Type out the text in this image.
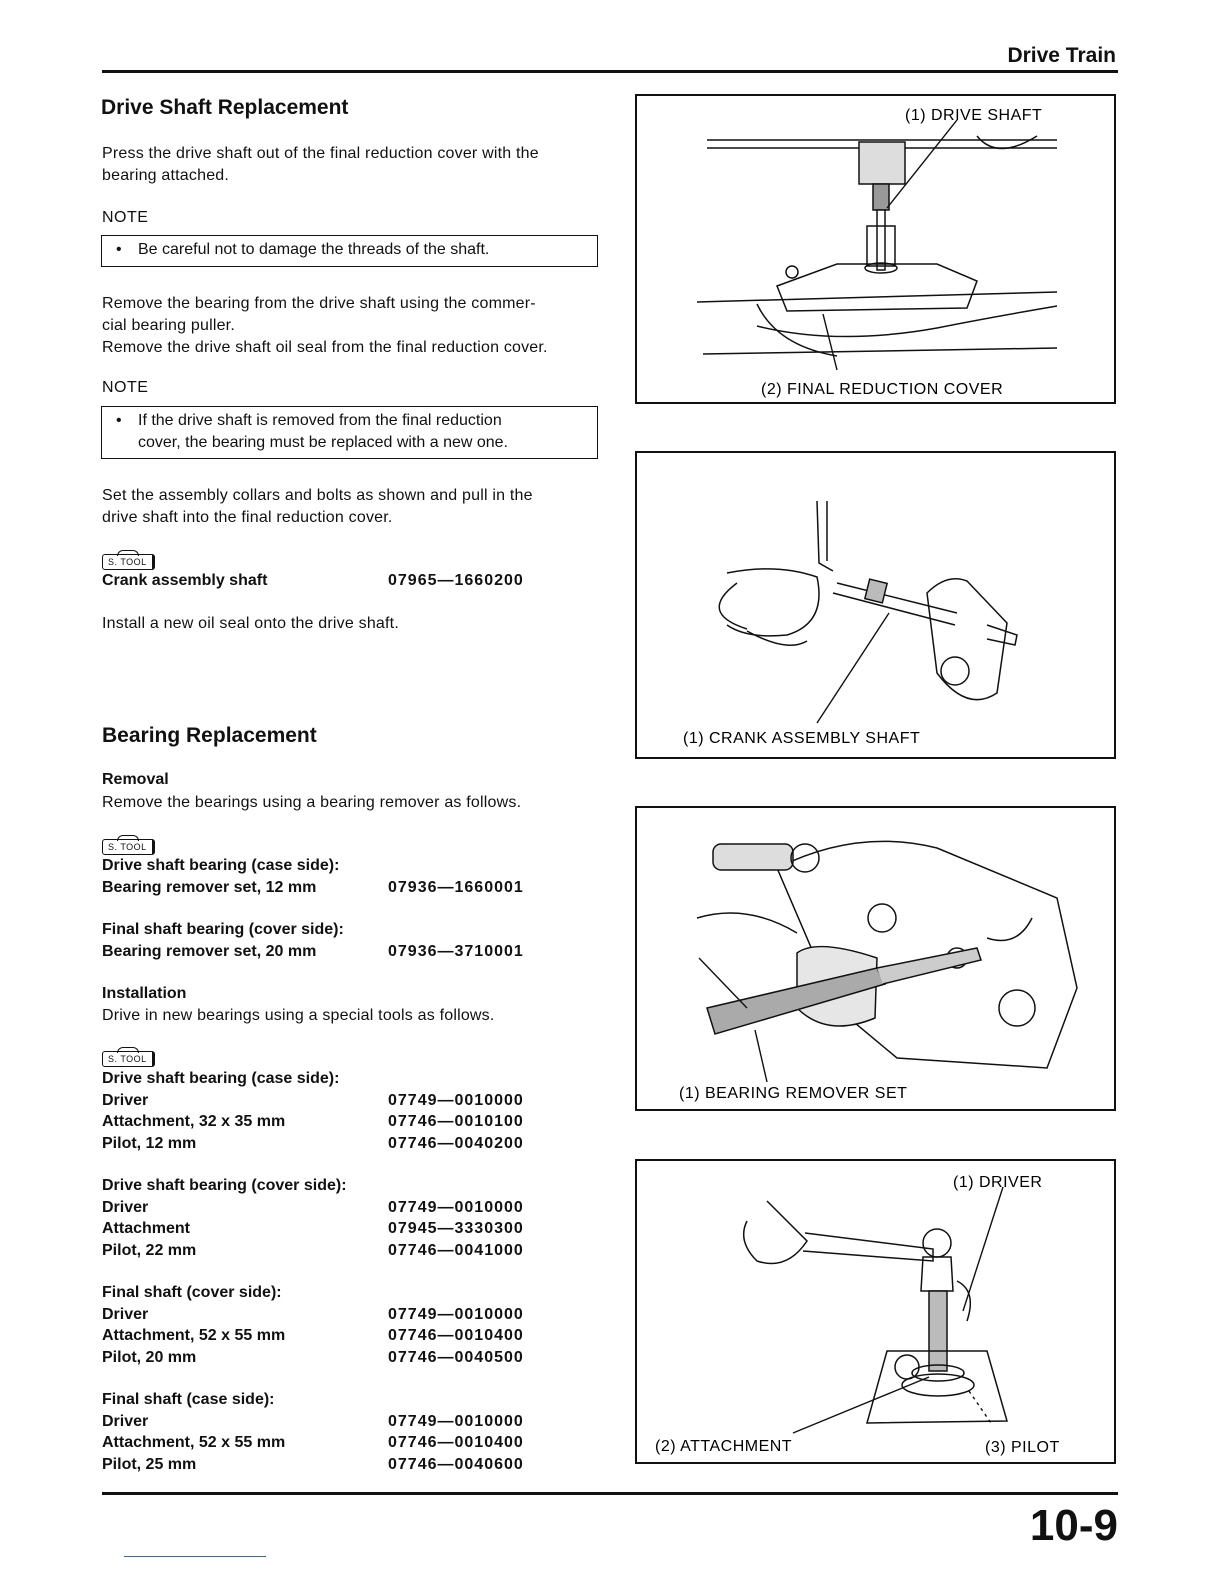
Drive Train
Drive Shaft Replacement
Press the drive shaft out of the final reduction cover with the
bearing attached.
NOTE
• Be careful not to damage the threads of the shaft.
Remove the bearing from the drive shaft using the commer-
cial bearing puller.
Remove the drive shaft oil seal from the final reduction cover.
NOTE
• If the drive shaft is removed from the final reduction
cover, the bearing must be replaced with a new one.
Set the assembly collars and bolts as shown and pull in the
drive shaft into the final reduction cover.
S. TOOL
Crank assembly shaft	07965—1660200
Install a new oil seal onto the drive shaft.
Bearing Replacement
Removal
Remove the bearings using a bearing remover as follows.
S. TOOL
Drive shaft bearing (case side):
Bearing remover set, 12 mm	07936—1660001
Final shaft bearing (cover side):
Bearing remover set, 20 mm	07936—3710001
Installation
Drive in new bearings using a special tools as follows.
S. TOOL
Drive shaft bearing (case side):
Driver	07749—0010000
Attachment, 32 x 35 mm	07746—0010100
Pilot, 12 mm	07746—0040200
Drive shaft bearing (cover side):
Driver	07749—0010000
Attachment	07945—3330300
Pilot, 22 mm	07746—0041000
Final shaft (cover side):
Driver	07749—0010000
Attachment, 52 x 55 mm	07746—0010400
Pilot, 20 mm	07746—0040500
Final shaft (case side):
Driver	07749—0010000
Attachment, 52 x 55 mm	07746—0010400
Pilot, 25 mm	07746—0040600
(1) DRIVE SHAFT
(2) FINAL REDUCTION COVER
(1) CRANK ASSEMBLY SHAFT
(1) BEARING REMOVER SET
(1) DRIVER
(2) ATTACHMENT	(3) PILOT
10-9
